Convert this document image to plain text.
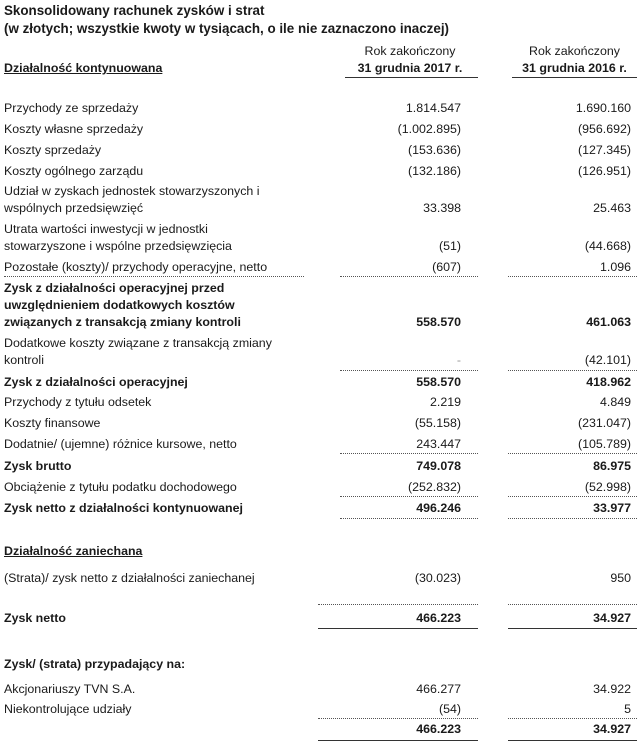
Skonsolidowany rachunek zysków i strat
(w złotych; wszystkie kwoty w tysiącach, o ile nie zaznaczono inaczej)
Rok zakończony
31 grudnia 2017 r.
Rok zakończony
31 grudnia 2016 r.
Działalność kontynuowana
Przychody ze sprzedaży	1.814.547	1.690.160
Koszty własne sprzedaży	(1.002.895)	(956.692)
Koszty sprzedaży	(153.636)	(127.345)
Koszty ogólnego zarządu	(132.186)	(126.951)
Udział w zyskach jednostek stowarzyszonych i wspólnych przedsięwzięć	33.398	25.463
Utrata wartości inwestycji w jednostki stowarzyszone i wspólne przedsięwzięcia	(51)	(44.668)
Pozostałe (koszty)/ przychody operacyjne, netto	(607)	1.096
Zysk z działalności operacyjnej przed uwzględnieniem dodatkowych kosztów związanych z transakcją zmiany kontroli	558.570	461.063
Dodatkowe koszty związane z transakcją zmiany kontroli	-	(42.101)
Zysk z działalności operacyjnej	558.570	418.962
Przychody z tytułu odsetek	2.219	4.849
Koszty finansowe	(55.158)	(231.047)
Dodatnie/ (ujemne) różnice kursowe, netto	243.447	(105.789)
Zysk brutto	749.078	86.975
Obciążenie z tytułu podatku dochodowego	(252.832)	(52.998)
Zysk netto z działalności kontynuowanej	496.246	33.977
Działalność zaniechana
(Strata)/ zysk netto z działalności zaniechanej	(30.023)	950
Zysk netto	466.223	34.927
Zysk/ (strata) przypadający na:
Akcjonariuszy TVN S.A.	466.277	34.922
Niekontrolujące udziały	(54)	5
466.223	34.927
